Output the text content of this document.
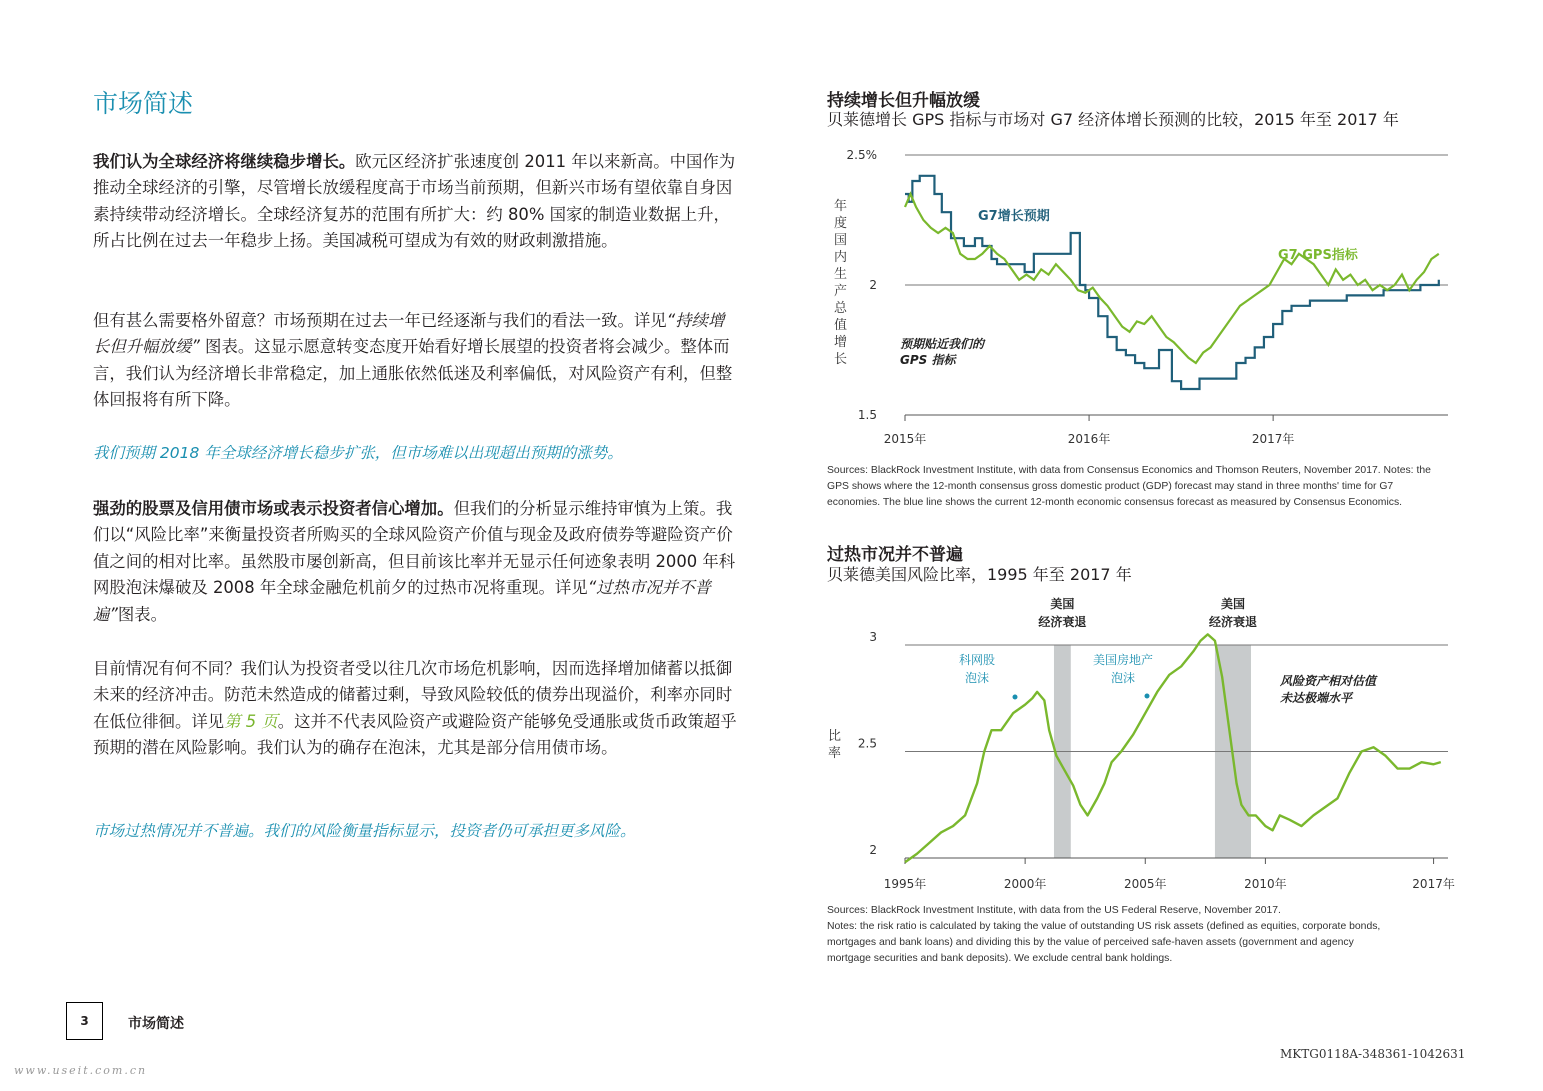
市场简述

我们认为全球经济将继续稳步增长。欧元区经济扩张速度创 2011 年以来新高。中国作为推动全球经济的引擎，尽管增长放缓程度高于市场当前预期，但新兴市场有望依靠自身因素持续带动经济增长。全球经济复苏的范围有所扩大：约 80% 国家的制造业数据上升，所占比例在过去一年稳步上扬。美国减税可望成为有效的财政刺激措施。

但有甚么需要格外留意？市场预期在过去一年已经逐渐与我们的看法一致。详见“持续增长但升幅放缓” 图表。这显示愿意转变态度开始看好增长展望的投资者将会减少。整体而言，我们认为经济增长非常稳定，加上通胀依然低迷及利率偏低，对风险资产有利，但整体回报将有所下降。

我们预期 2018 年全球经济增长稳步扩张，但市场难以出现超出预期的涨势。

强劲的股票及信用债市场或表示投资者信心增加。但我们的分析显示维持审慎为上策。我们以“风险比率”来衡量投资者所购买的全球风险资产价值与现金及政府债券等避险资产价值之间的相对比率。虽然股市屡创新高，但目前该比率并无显示任何迹象表明 2000 年科网股泡沫爆破及 2008 年全球金融危机前夕的过热市况将重现。详见“过热市况并不普遍”图表。

目前情况有何不同？我们认为投资者受以往几次市场危机影响，因而选择增加储蓄以抵御未来的经济冲击。防范未然造成的储蓄过剩，导致风险较低的债券出现溢价，利率亦同时在低位徘徊。详见第 5 页。这并不代表风险资产或避险资产能够免受通胀或货币政策超乎预期的潜在风险影响。我们认为的确存在泡沫，尤其是部分信用债市场。

市场过热情况并不普遍。我们的风险衡量指标显示，投资者仍可承担更多风险。

持续增长但升幅放缓
贝莱德增长 GPS 指标与市场对 G7 经济体增长预测的比较，2015 年至 2017 年
2.5%
2
1.5
2015年	2016年	2017年
年度国内生产总值增长
G7增长预期
G7 GPS指标
预期贴近我们的
GPS 指标
Sources: BlackRock Investment Institute, with data from Consensus Economics and Thomson Reuters, November 2017. Notes: the
GPS shows where the 12-month consensus gross domestic product (GDP) forecast may stand in three months' time for G7
economies. The blue line shows the current 12-month economic consensus forecast as measured by Consensus Economics.
过热市况并不普遍
贝莱德美国风险比率，1995 年至 2017 年
美国
经济衰退
美国
经济衰退
3
2.5
2
1995年	2000年	2005年	2010年	2017年
比
率
科网股
泡沫
美国房地产
泡沫	风险资产相对估值
未达极端水平
Sources: BlackRock Investment Institute, with data from the US Federal Reserve, November 2017.
Notes: the risk ratio is calculated by taking the value of outstanding US risk assets (defined as equities, corporate bonds,
mortgages and bank loans) and dividing this by the value of perceived safe-haven assets (government and agency
mortgage securities and bank deposits). We exclude central bank holdings.
3	市场简述
MKTG0118A-348361-1042631
www.useit.com.cn
